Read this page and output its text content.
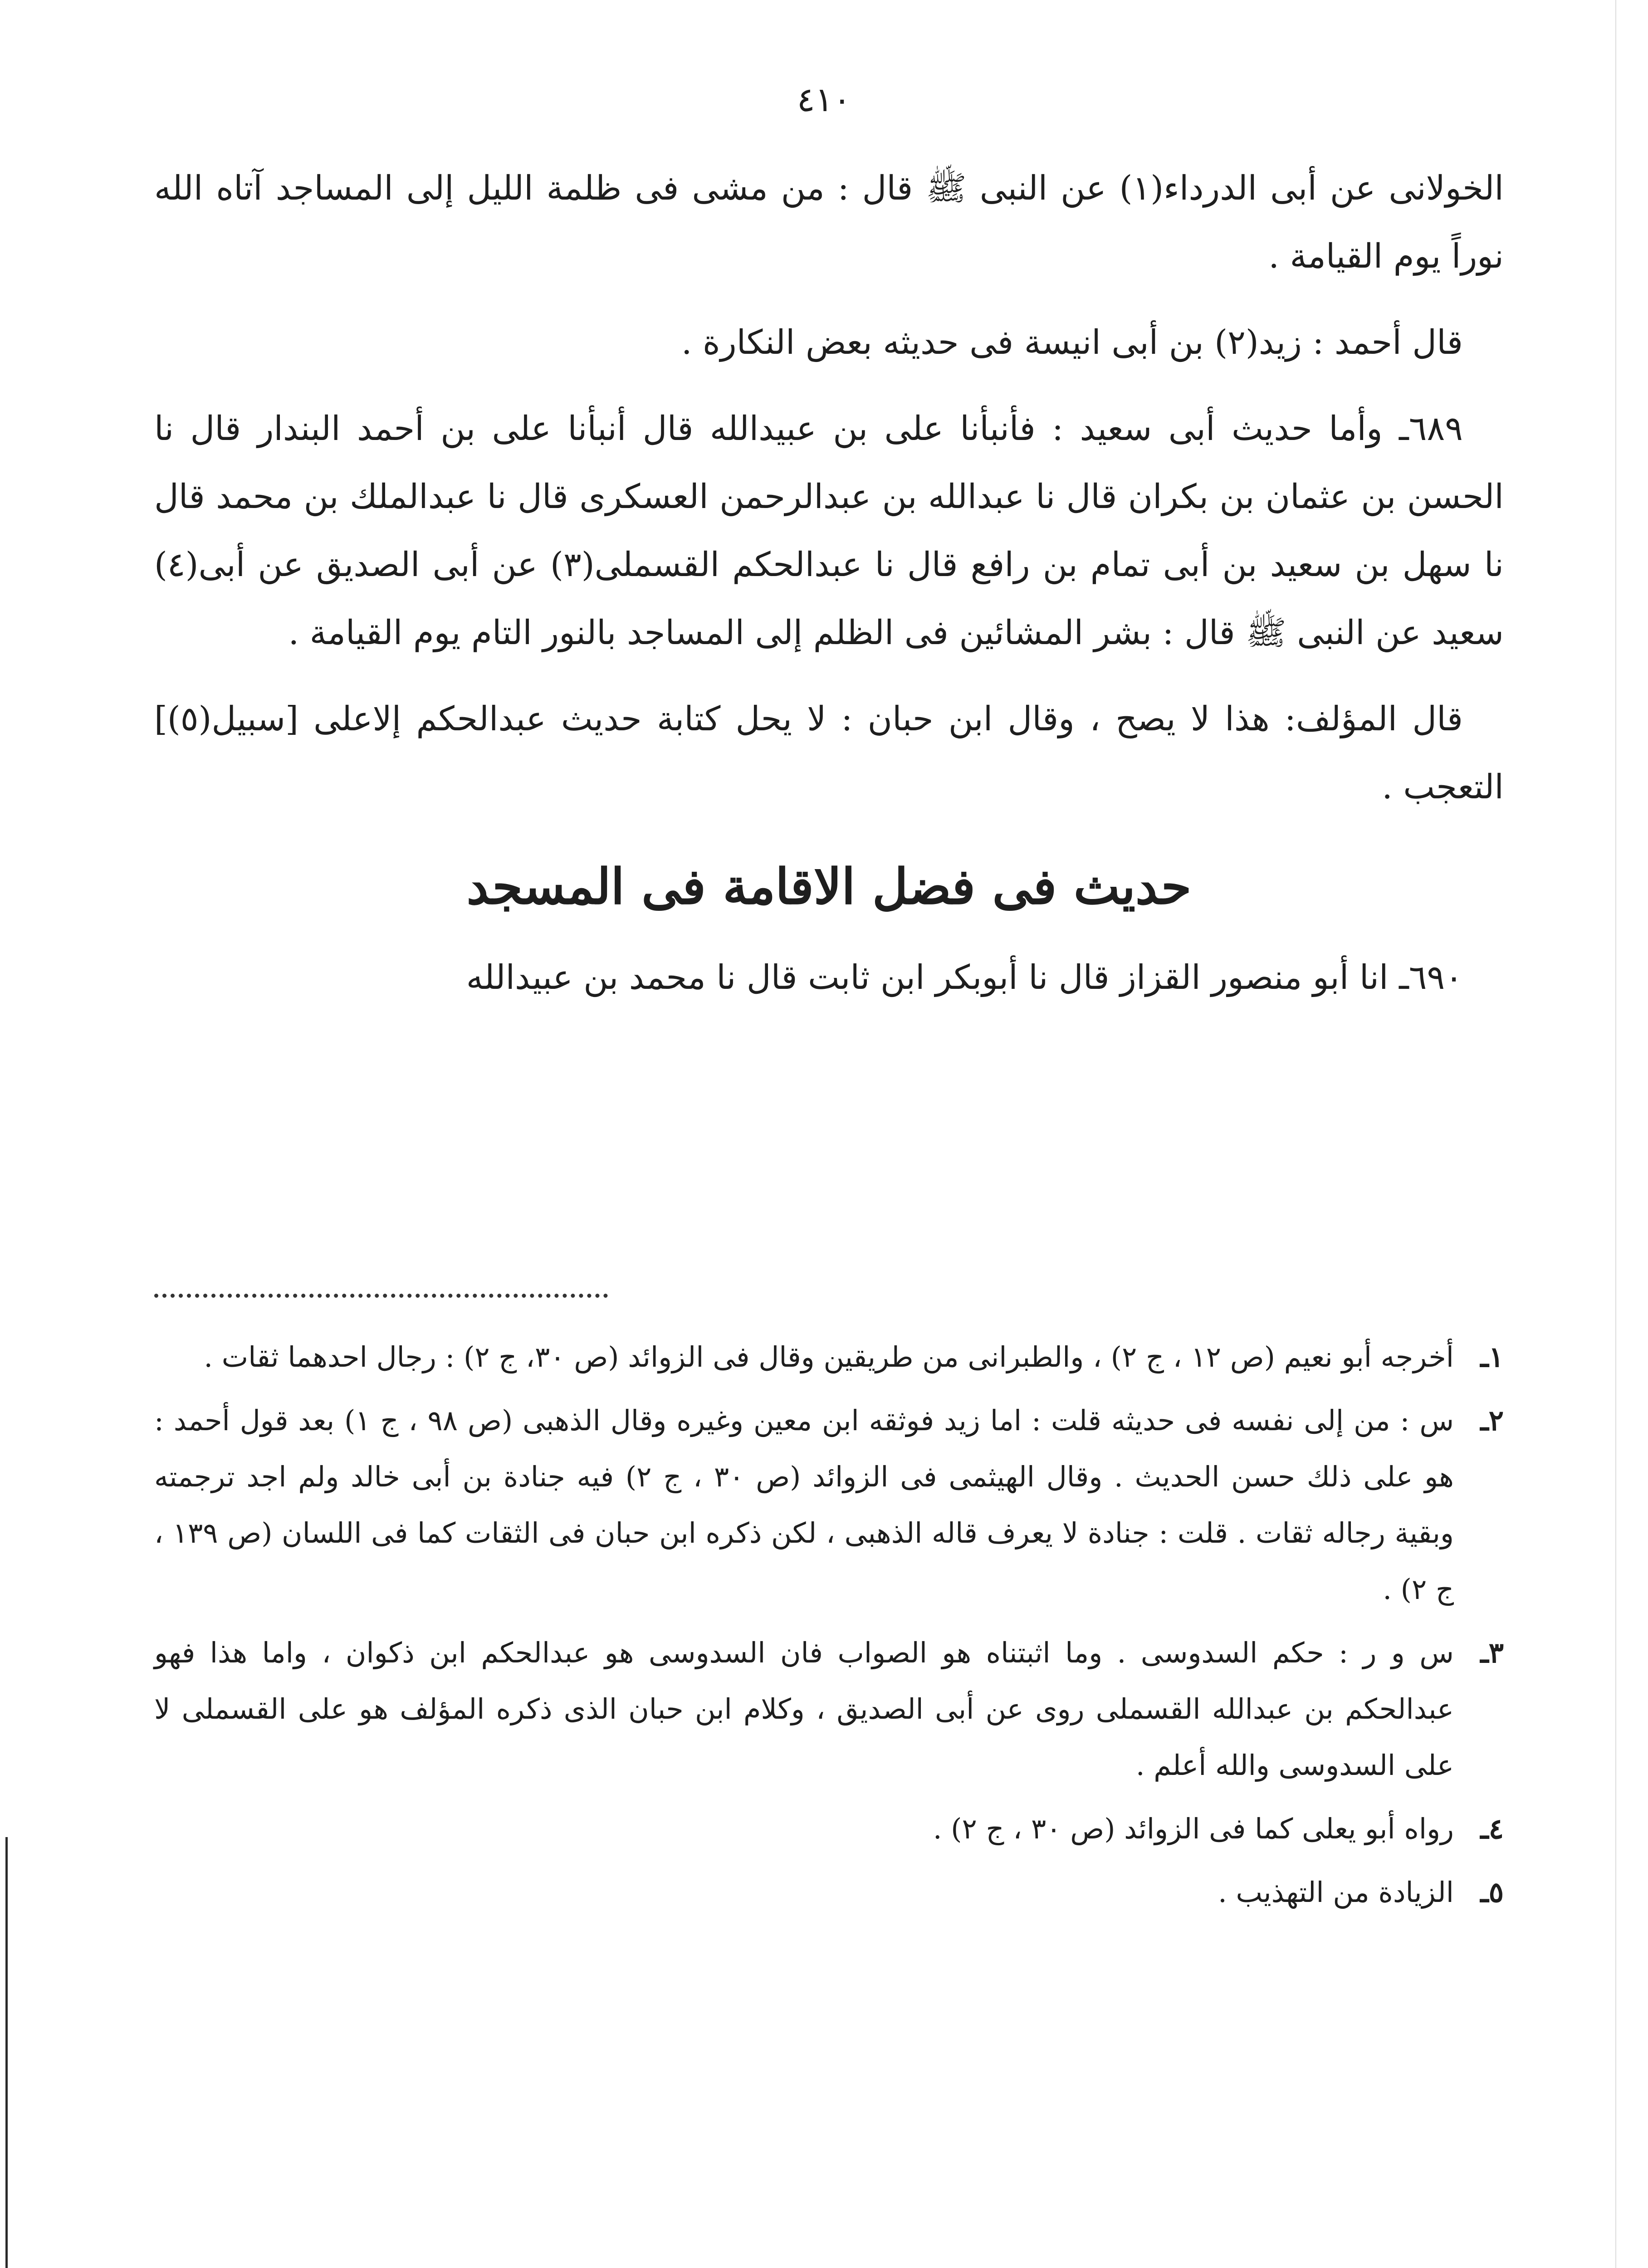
٤١٠

الخولانى عن أبى الدرداء(١) عن النبى ﷺ قال : من مشى فى ظلمة الليل إلى المساجد آتاه الله نوراً يوم القيامة .

قال أحمد : زيد(٢) بن أبى انيسة فى حديثه بعض النكارة .

٦٨٩ـ وأما حديث أبى سعيد : فأنبأنا على بن عبيدالله قال أنبأنا على بن أحمد البندار قال نا الحسن بن عثمان بن بكران قال نا عبدالله بن عبدالرحمن العسكرى قال نا عبدالملك بن محمد قال نا سهل بن سعيد بن أبى تمام بن رافع قال نا عبدالحكم القسملى(٣) عن أبى الصديق عن أبى(٤) سعيد عن النبى ﷺ قال : بشر المشائين فى الظلم إلى المساجد بالنور التام يوم القيامة .

قال المؤلف: هذا لا يصح ، وقال ابن حبان : لا يحل كتابة حديث عبدالحكم إلاعلى [سبيل(٥)] التعجب .

حديث فى فضل الاقامة فى المسجد

٦٩٠ـ انا أبو منصور القزاز قال نا أبوبكر ابن ثابت قال نا محمد بن عبيدالله

١ـ
أخرجه أبو نعيم (ص ١٢ ، ج ٢) ، والطبرانى من طريقين وقال فى الزوائد (ص ٣٠، ج ٢) : رجال احدهما ثقات .
٢ـ
س : من إلى نفسه فى حديثه قلت : اما زيد فوثقه ابن معين وغيره وقال الذهبى (ص ٩٨ ، ج ١) بعد قول أحمد : هو على ذلك حسن الحديث . وقال الهيثمى فى الزوائد (ص ٣٠ ، ج ٢) فيه جنادة بن أبى خالد ولم اجد ترجمته وبقية رجاله ثقات . قلت : جنادة لا يعرف قاله الذهبى ، لكن ذكره ابن حبان فى الثقات كما فى اللسان (ص ١٣٩ ، ج ٢) .
٣ـ
س و ر : حكم السدوسى . وما اثبتناه هو الصواب فان السدوسى هو عبدالحكم ابن ذكوان ، واما هذا فهو عبدالحكم بن عبدالله القسملى روى عن أبى الصديق ، وكلام ابن حبان الذى ذكره المؤلف هو على القسملى لا على السدوسى والله أعلم .
٤ـ
رواه أبو يعلى كما فى الزوائد (ص ٣٠ ، ج ٢) .
٥ـ
الزيادة من التهذيب .
